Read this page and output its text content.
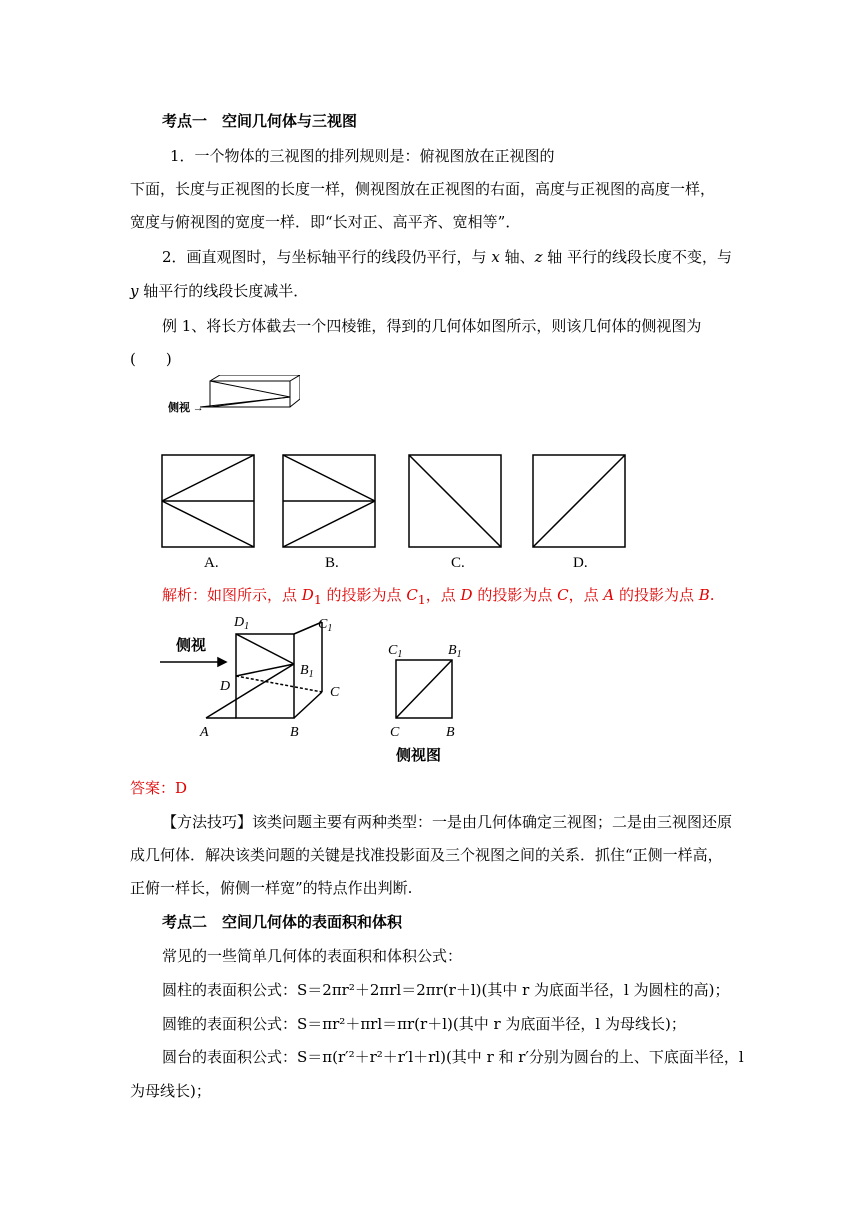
考点一　空间几何体与三视图
1．一个物体的三视图的排列规则是：俯视图放在正视图的
下面，长度与正视图的长度一样，侧视图放在正视图的右面，高度与正视图的高度一样，
宽度与俯视图的宽度一样．即“长对正、高平齐、宽相等”．
2．画直观图时，与坐标轴平行的线段仍平行，与 x 轴、z 轴 平行的线段长度不变，与
y 轴平行的线段长度减半．
例 1、将长方体截去一个四棱锥，得到的几何体如图所示，则该几何体的侧视图为
(　　)
侧视 →
A.	B.	C.	D.
解析：如图所示，点 $D_1$ 的投影为点 $C_1$，点 D 的投影为点 C，点 A 的投影为点 B.
侧视
$D_1$	$C_1$
$B_1$
D	C
A	B
$C_1$	$B_1$
C	B
侧视图
答案：D
【方法技巧】该类问题主要有两种类型：一是由几何体确定三视图；二是由三视图还原
成几何体．解决该类问题的关键是找准投影面及三个视图之间的关系．抓住“正侧一样高，
正俯一样长，俯侧一样宽”的特点作出判断.
考点二　空间几何体的表面积和体积
常见的一些简单几何体的表面积和体积公式：
圆柱的表面积公式：S＝2πr²＋2πrl＝2πr(r＋l)(其中 r 为底面半径，l 为圆柱的高)；
圆锥的表面积公式：S＝πr²＋πrl＝πr(r＋l)(其中 r 为底面半径，l 为母线长)；
圆台的表面积公式：S＝π(r′²＋r²＋r′l＋rl)(其中 r 和 r′分别为圆台的上、下底面半径，l
为母线长)；
